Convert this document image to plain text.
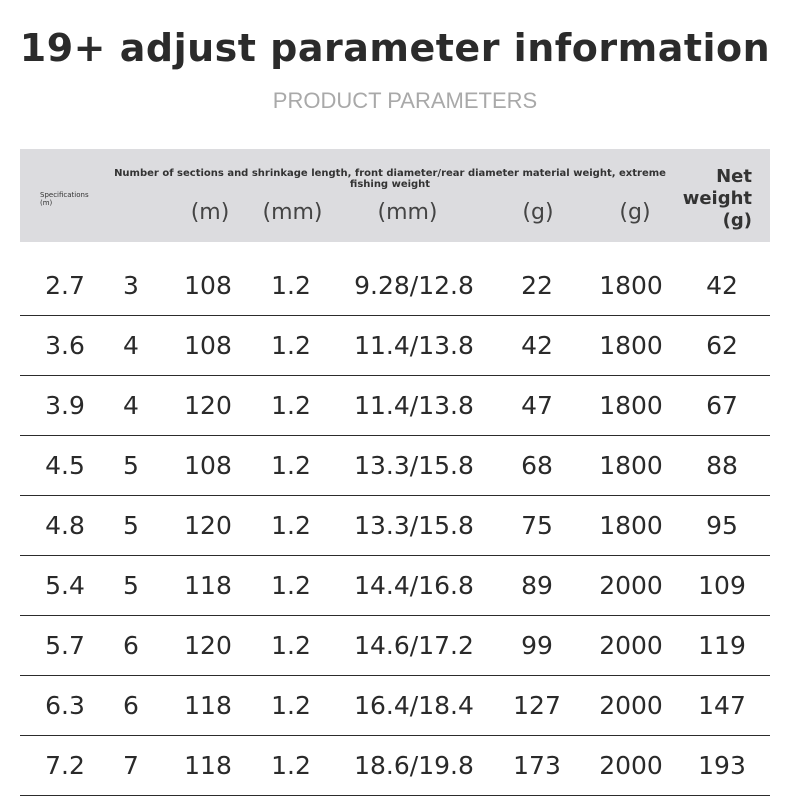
19+ adjust parameter information
PRODUCT PARAMETERS
Specifications (m)
Number of sections and shrinkage length, front diameter/rear diameter material weight, extreme fishing weight
(m)	(mm)	(mm)	(g)	(g)
Net weight (g)
2.7	3	108	1.2	9.28/12.8	22	1800	42
3.6	4	108	1.2	11.4/13.8	42	1800	62
3.9	4	120	1.2	11.4/13.8	47	1800	67
4.5	5	108	1.2	13.3/15.8	68	1800	88
4.8	5	120	1.2	13.3/15.8	75	1800	95
5.4	5	118	1.2	14.4/16.8	89	2000	109
5.7	6	120	1.2	14.6/17.2	99	2000	119
6.3	6	118	1.2	16.4/18.4	127	2000	147
7.2	7	118	1.2	18.6/19.8	173	2000	193
